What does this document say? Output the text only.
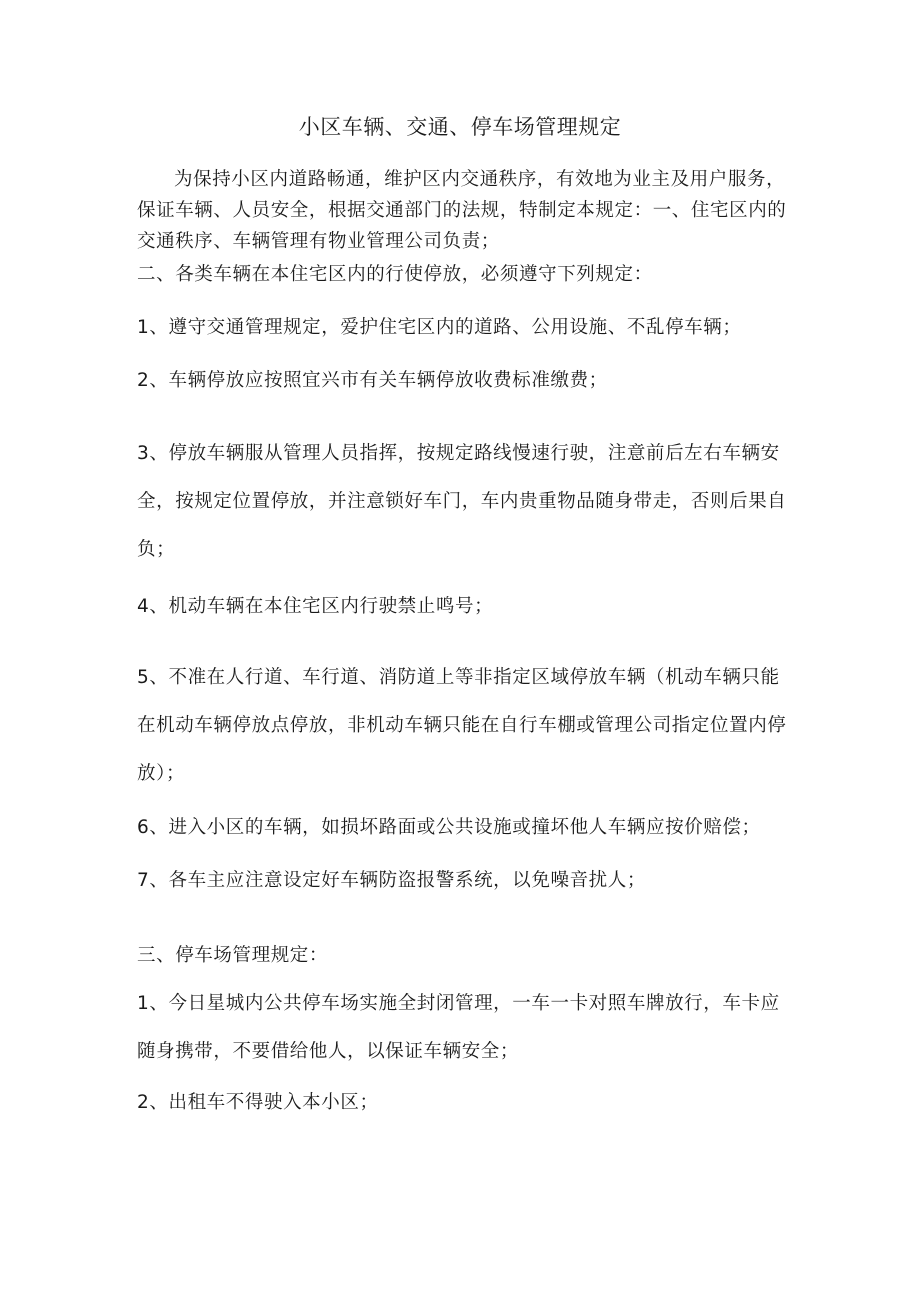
小区车辆、交通、停车场管理规定

为保持小区内道路畅通，维护区内交通秩序，有效地为业主及用户服务，保证车辆、人员安全，根据交通部门的法规，特制定本规定：一、住宅区内的交通秩序、车辆管理有物业管理公司负责；

二、各类车辆在本住宅区内的行使停放，必须遵守下列规定：

1、遵守交通管理规定，爱护住宅区内的道路、公用设施、不乱停车辆；

2、车辆停放应按照宜兴市有关车辆停放收费标准缴费；

3、停放车辆服从管理人员指挥，按规定路线慢速行驶，注意前后左右车辆安全，按规定位置停放，并注意锁好车门，车内贵重物品随身带走，否则后果自负；

4、机动车辆在本住宅区内行驶禁止鸣号；

5、不准在人行道、车行道、消防道上等非指定区域停放车辆（机动车辆只能在机动车辆停放点停放，非机动车辆只能在自行车棚或管理公司指定位置内停放）；

6、进入小区的车辆，如损坏路面或公共设施或撞坏他人车辆应按价赔偿；

7、各车主应注意设定好车辆防盗报警系统，以免噪音扰人；

三、停车场管理规定：

1、今日星城内公共停车场实施全封闭管理，一车一卡对照车牌放行，车卡应随身携带，不要借给他人，以保证车辆安全；

2、出租车不得驶入本小区；
